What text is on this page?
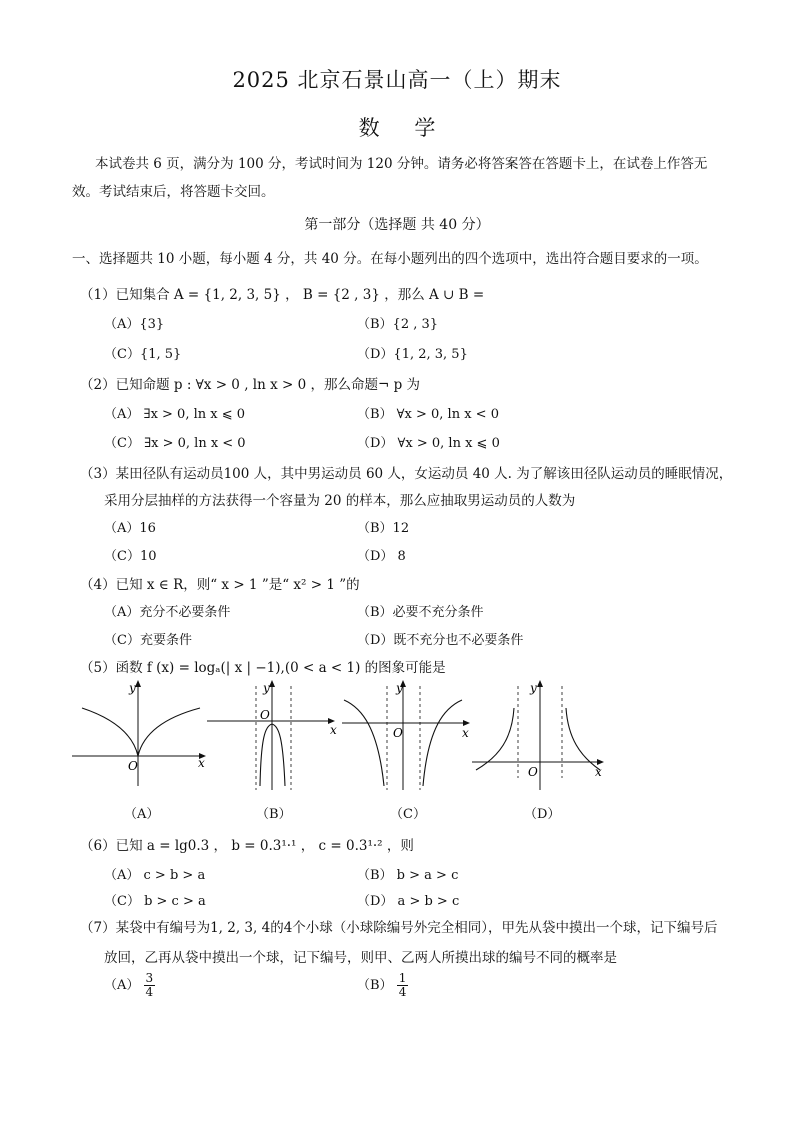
2025 北京石景山高一（上）期末
数 学
本试卷共 6 页，满分为 100 分，考试时间为 120 分钟。请务必将答案答在答题卡上，在试卷上作答无
效。考试结束后，将答题卡交回。
第一部分（选择题 共 40 分）
一、选择题共 10 小题，每小题 4 分，共 40 分。在每小题列出的四个选项中，选出符合题目要求的一项。
（1）已知集合 A = {1, 2, 3, 5} ， B = {2 , 3} ，那么 A ∪ B =
（A）{3}	（B）{2 , 3}
（C）{1, 5}	（D）{1, 2, 3, 5}
（2）已知命题 p : ∀x > 0 , ln x > 0 ，那么命题¬ p 为
（A） ∃x > 0, ln x ⩽ 0	（B） ∀x > 0, ln x < 0
（C） ∃x > 0, ln x < 0	（D） ∀x > 0, ln x ⩽ 0
（3）某田径队有运动员100 人，其中男运动员 60 人，女运动员 40 人. 为了解该田径队运动员的睡眠情况，
采用分层抽样的方法获得一个容量为 20 的样本，那么应抽取男运动员的人数为
（A）16	（B）12
（C）10	（D） 8
（4）已知 x ∈ R，则“ x > 1 ”是“ x² > 1 ”的
（A）充分不必要条件	（B）必要不充分条件
（C）充要条件	（D）既不充分也不必要条件
（5）函数 f (x) = logₐ(| x | −1),(0 < a < 1) 的图象可能是
y
x
O
y
x
O
y
x
O
y
x
O
（A）	（B）	（C）	（D）
（6）已知 a = lg0.3 ， b = 0.3¹·¹ ， c = 0.3¹·² ，则
（A） c > b > a	（B） b > a > c
（C） b > c > a	（D） a > b > c
（7）某袋中有编号为1, 2, 3, 4的4个小球（小球除编号外完全相同），甲先从袋中摸出一个球，记下编号后
放回，乙再从袋中摸出一个球，记下编号，则甲、乙两人所摸出球的编号不同的概率是
$(A) \frac{3}{4}$	$(B) \frac{1}{4}$
